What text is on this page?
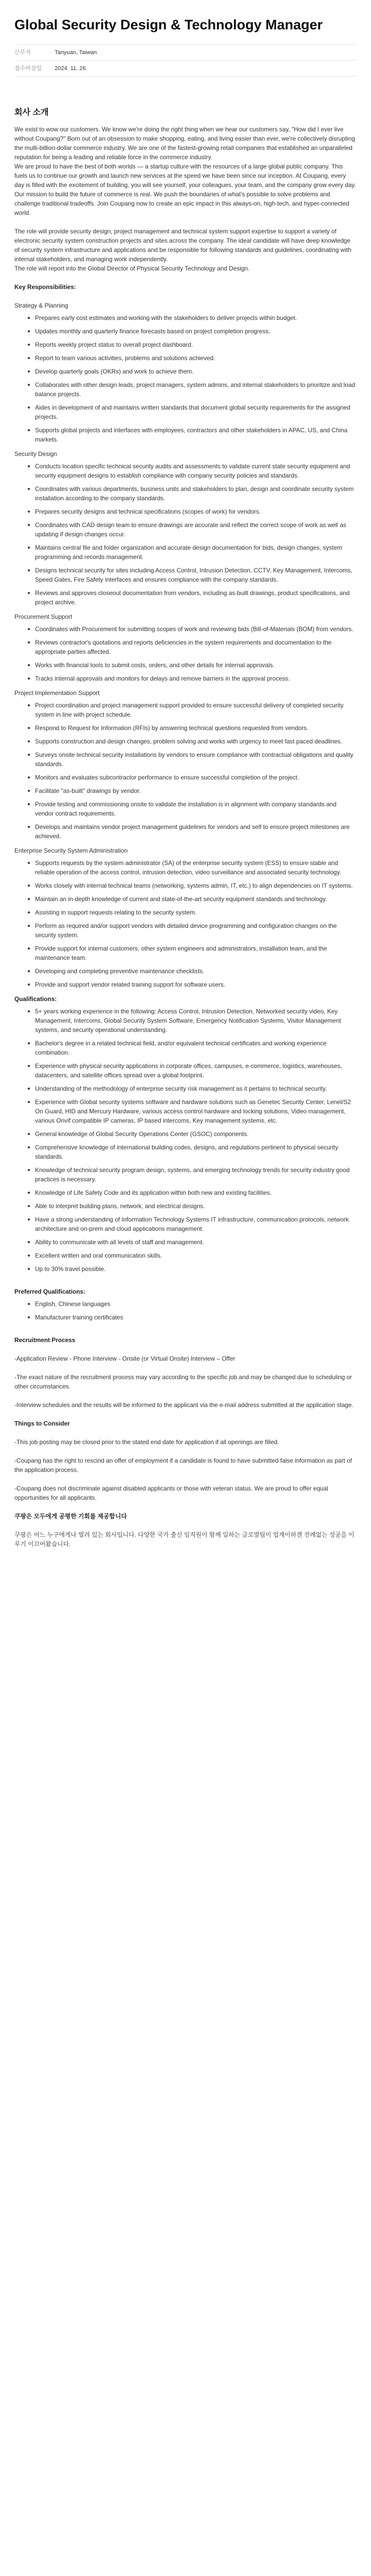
Global Security Design & Technology Manager
근무지	Tanyuan, Taiwan
접수마감일	2024. 11. 26.
회사 소개

We exist to wow our customers. We know we're doing the right thing when we hear our customers say, "How did I ever live without Coupang?" Born out of an obsession to make shopping, eating, and living easier than ever, we're collectively disrupting the multi-billion-dollar commerce industry. We are one of the fastest-growing retail companies that established an unparalleled reputation for being a leading and reliable force in the commerce industry.

We are proud to have the best of both worlds — a startup culture with the resources of a large global public company. This fuels us to continue our growth and launch new services at the speed we have been since our inception. At Coupang, every day is filled with the excitement of building, you will see yourself, your colleagues, your team, and the company grow every day.

Our mission to build the future of commerce is real. We push the boundaries of what's possible to solve problems and challenge traditional tradeoffs. Join Coupang now to create an epic impact in this always-on, high-tech, and hyper-connected world.

The role will provide security design, project management and technical system support expertise to support a variety of electronic security system construction projects and sites across the company. The ideal candidate will have deep knowledge of security system infrastructure and applications and be responsible for following standards and guidelines, coordinating with internal stakeholders, and managing work independently.

The role will report into the Global Director of Physical Security Technology and Design.

Key Responsibilities:

Strategy & Planning

Prepares early cost estimates and working with the stakeholders to deliver projects within budget.
Updates monthly and quarterly finance forecasts based on project completion progress.
Reports weekly project status to overall project dashboard.
Report to team various activities, problems and solutions achieved.
Develop quarterly goals (OKRs) and work to achieve them.
Collaborates with other design leads, project managers, system admins, and internal stakeholders to prioritize and load balance projects.
Aides in development of and maintains written standards that document global security requirements for the assigned projects.
Supports global projects and interfaces with employees, contractors and other stakeholders in APAC, US, and China markets.

Security Design

Conducts location specific technical security audits and assessments to validate current state security equipment and security equipment designs to establish compliance with company security policies and standards.
Coordinates with various departments, business units and stakeholders to plan, design and coordinate security system installation according to the company standards.
Prepares security designs and technical specifications (scopes of work) for vendors.
Coordinates with CAD design team to ensure drawings are accurate and reflect the correct scope of work as well as updating if design changes occur.
Maintains central file and folder organization and accurate design documentation for bids, design changes, system programming and records management.
Designs technical security for sites including Access Control, Intrusion Detection, CCTV, Key Management, Intercoms, Speed Gates, Fire Safety interfaces and ensures compliance with the company standards.
Reviews and approves closeout documentation from vendors, including as-built drawings, product specifications, and project archive.

Procurement Support

Coordinates with Procurement for submitting scopes of work and reviewing bids (Bill-of-Materials (BOM) from vendors.
Reviews contractor's quotations and reports deficiencies in the system requirements and documentation to the appropriate parties affected.
Works with financial tools to submit costs, orders, and other details for internal approvals.
Tracks internal approvals and monitors for delays and remove barriers in the approval process.

Project Implementation Support

Project coordination and project management support provided to ensure successful delivery of completed security system in line with project schedule.
Respond to Request for Information (RFIs) by answering technical questions requested from vendors.
Supports construction and design changes, problem solving and works with urgency to meet fast paced deadlines.
Surveys onsite technical security installations by vendors to ensure compliance with contractual obligations and quality standards.
Monitors and evaluates subcontractor performance to ensure successful completion of the project.
Facilitate "as-built" drawings by vendor.
Provide testing and commissioning onsite to validate the installation is in alignment with company standards and vendor contract requirements.
Develops and maintains vendor project management guidelines for vendors and self to ensure project milestones are achieved.

Enterprise Security System Administration

Supports requests by the system administrator (SA) of the enterprise security system (ESS) to ensure stable and reliable operation of the access control, intrusion detection, video surveillance and associated security technology.
Works closely with internal technical teams (networking, systems admin, IT, etc.) to align dependencies on IT systems.
Maintain an in-depth knowledge of current and state-of-the-art security equipment standards and technology.
Assisting in support requests relating to the security system.
Perform as required and/or support vendors with detailed device programming and configuration changes on the security system.
Provide support for internal customers, other system engineers and administrators, installation team, and the maintenance team.
Developing and completing preventive maintenance checklists.
Provide and support vendor related training support for software users.

Qualifications:

5+ years working experience in the following: Access Control, Intrusion Detection, Networked security video, Key Management, Intercoms, Global Security System Software, Emergency Notification Systems, Visitor Management systems, and security operational understanding.
Bachelor's degree in a related technical field, and/or equivalent technical certificates and working experience combination.
Experience with physical security applications in corporate offices, campuses, e-commerce, logistics, warehouses, datacenters, and satellite offices spread over a global footprint.
Understanding of the methodology of enterprise security risk management as it pertains to technical security.
Experience with Global security systems software and hardware solutions such as Genetec Security Center, Lenel/S2 On Guard, HID and Mercury Hardware, various access control hardware and locking solutions, Video management, various Onvif compatible IP cameras, IP based intercoms, Key management systems, etc.
General knowledge of Global Security Operations Center (GSOC) components.
Comprehensive knowledge of international building codes, designs, and regulations pertinent to physical security standards.
Knowledge of technical security program design, systems, and emerging technology trends for security industry good practices is necessary.
Knowledge of Life Safety Code and its application within both new and existing facilities.
Able to interpret building plans, network, and electrical designs.
Have a strong understanding of Information Technology Systems IT infrastructure, communication protocols, network architecture and on-prem and cloud applications management.
Ability to communicate with all levels of staff and management.
Excellent written and oral communication skills.
Up to 30% travel possible.

Preferred Qualifications:

English, Chinese languages
Manufacturer training certificates

Recruitment Process

-Application Review - Phone Interview - Onsite (or Virtual Onsite) Interview – Offer

-The exact nature of the recruitment process may vary according to the specific job and may be changed due to scheduling or other circumstances.

-Interview schedules and the results will be informed to the applicant via the e-mail address submitted at the application stage.

Things to Consider

-This job posting may be closed prior to the stated end date for application if all openings are filled.

-Coupang has the right to rescind an offer of employment if a candidate is found to have submitted false information as part of the application process.

-Coupang does not discriminate against disabled applicants or those with veteran status. We are proud to offer equal opportunities for all applicants.

쿠팡은 모두에게 공평한 기회를 제공합니다

쿠팡은 어느 누구에게나 열려 있는 회사입니다. 다양한 국가 출신 임직원이 함께 일하는 글로벌팀이 업계이하겐 전례없는 성공을 이루기 이끄어왔습니다.
